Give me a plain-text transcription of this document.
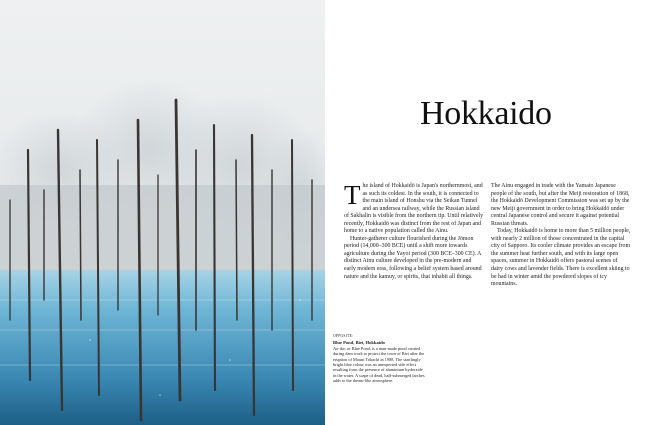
OPPOSITE:
Blue Pond, Biei, Hokkaido
Ao-ike, or Blue Pond, is a man-made pond created during dam work to protect the town of Biei after the eruption of Mount Tokachi in 1988. The startlingly bright blue colour was an unexpected side effect resulting from the presence of aluminium hydroxide in the water. A scape of dead, half-submerged larches adds to the dream-like atmosphere.
Hokkaido

The island of Hokkaidō is Japan's northernmost, and as such its coldest. In the south, it is connected to the main island of Honshu via the Seikan Tunnel and an undersea railway, while the Russian island of Sakhalin is visible from the northern tip. Until relatively recently, Hokkaidō was distinct from the rest of Japan and home to a native population called the Ainu.

Hunter-gatherer culture flourished during the Jōmon period (14,000–300 BCE) until a shift more towards agriculture during the Yayoi period (300 BCE–300 CE). A distinct Ainu culture developed in the pre-modern and early modern eras, following a belief system based around nature and the kamuy, or spirits, that inhabit all things.

The Ainu engaged in trade with the Yamato Japanese people of the south, but after the Meiji restoration of 1868, the Hokkaidō Development Commission was set up by the new Meiji government in order to bring Hokkaidō under central Japanese control and secure it against potential Russian threats.

Today, Hokkaidō is home to more than 5 million people, with nearly 2 million of those concentrated in the capital city of Sapporo. Its cooler climate provides an escape from the summer heat further south, and with its large open spaces, summer in Hokkaidō offers pastoral scenes of dairy cows and lavender fields. There is excellent skiing to be had in winter amid the powdered slopes of icy mountains.
